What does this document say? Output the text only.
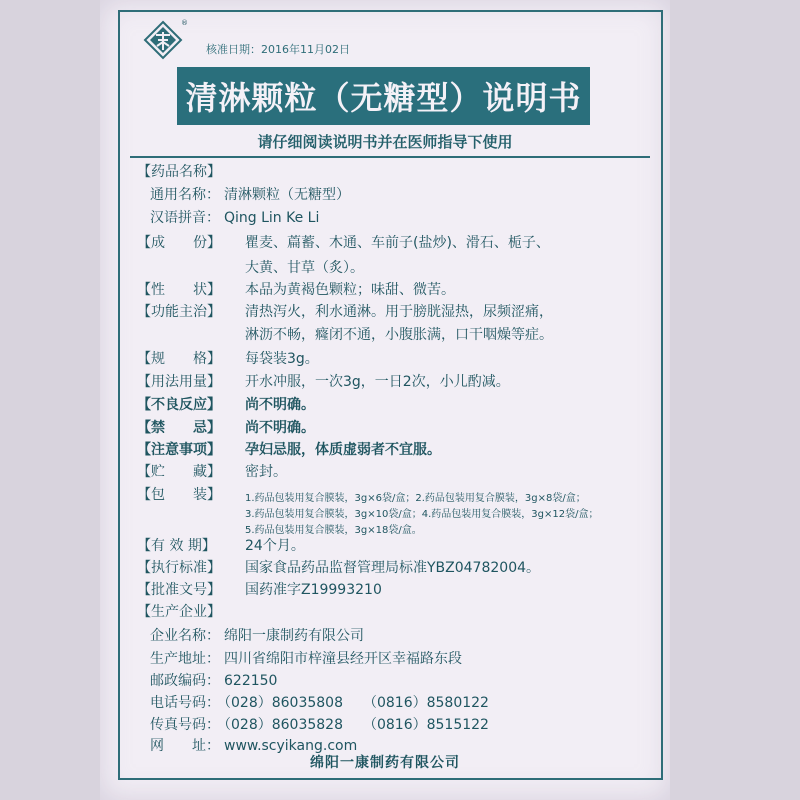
®
核准日期：2016年11月02日
清淋颗粒（无糖型）说明书
请仔细阅读说明书并在医师指导下使用
【药品名称】
通用名称： 清淋颗粒（无糖型）
汉语拼音： Qing Lin Ke Li
【成　　份】 瞿麦、萹蓄、木通、车前子(盐炒)、滑石、栀子、
大黄、甘草（炙）。
【性　　状】 本品为黄褐色颗粒；味甜、微苦。
【功能主治】 清热泻火，利水通淋。用于膀胱湿热，尿频涩痛，
淋沥不畅，癃闭不通，小腹胀满，口干咽燥等症。
【规　　格】 每袋装3g。
【用法用量】 开水冲服，一次3g，一日2次，小儿酌减。
【不良反应】 尚不明确。
【禁　　忌】 尚不明确。
【注意事项】 孕妇忌服，体质虚弱者不宜服。
【贮　　藏】 密封。
【包　　装】 1.药品包装用复合膜装，3g×6袋/盒；2.药品包装用复合膜装，3g×8袋/盒；
3.药品包装用复合膜装，3g×10袋/盒；4.药品包装用复合膜装，3g×12袋/盒；
5.药品包装用复合膜装，3g×18袋/盒。
【有 效 期】 24个月。
【执行标准】 国家食品药品监督管理局标准YBZ04782004。
【批准文号】 国药准字Z19993210
【生产企业】
企业名称： 绵阳一康制药有限公司
生产地址： 四川省绵阳市梓潼县经开区幸福路东段
邮政编码： 622150
电话号码： （028）86035808 （0816）8580122
传真号码： （028）86035828 （0816）8515122
网　　址： www.scyikang.com
绵阳一康制药有限公司
